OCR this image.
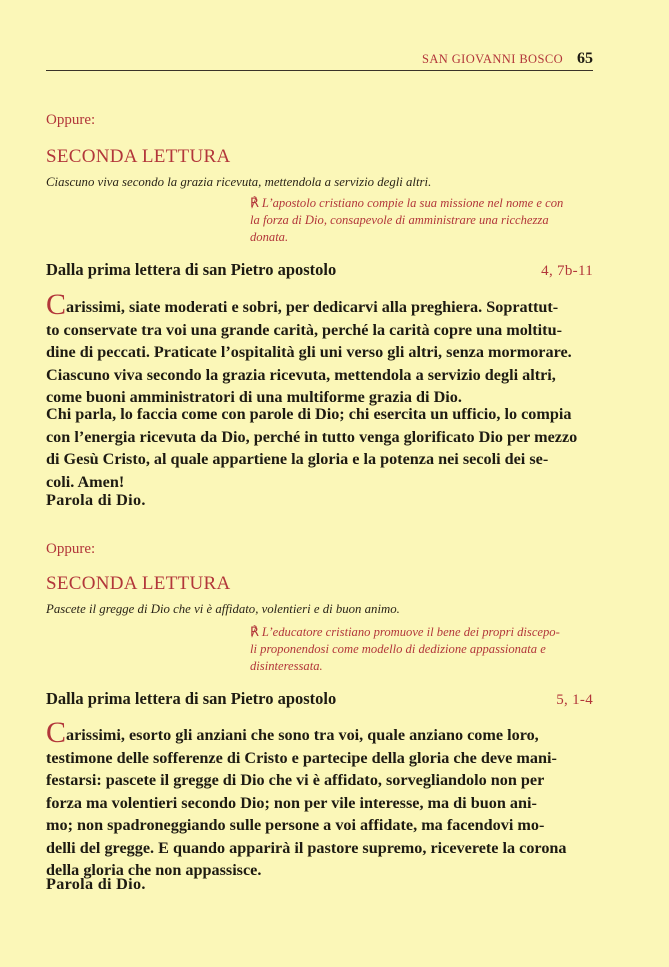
SAN GIOVANNI BOSCO 65
Oppure:
SECONDA LETTURA
Ciascuno viva secondo la grazia ricevuta, mettendola a servizio degli altri.
℟ L’apostolo cristiano compie la sua missione nel nome e con
la forza di Dio, consapevole di amministrare una ricchezza
donata.
Dalla prima lettera di san Pietro apostolo	4, 7b-11
Carissimi, siate moderati e sobri, per dedicarvi alla preghiera. Soprattut-
to conservate tra voi una grande carità, perché la carità copre una moltitu-
dine di peccati. Praticate l’ospitalità gli uni verso gli altri, senza mormorare.
Ciascuno viva secondo la grazia ricevuta, mettendola a servizio degli altri,
come buoni amministratori di una multiforme grazia di Dio.
Chi parla, lo faccia come con parole di Dio; chi esercita un ufficio, lo compia
con l’energia ricevuta da Dio, perché in tutto venga glorificato Dio per mezzo
di Gesù Cristo, al quale appartiene la gloria e la potenza nei secoli dei se-
coli. Amen!
Parola di Dio.
Oppure:
SECONDA LETTURA
Pascete il gregge di Dio che vi è affidato, volentieri e di buon animo.
℟ L’educatore cristiano promuove il bene dei propri discepo-
li proponendosi come modello di dedizione appassionata e
disinteressata.
Dalla prima lettera di san Pietro apostolo	5, 1-4
Carissimi, esorto gli anziani che sono tra voi, quale anziano come loro,
testimone delle sofferenze di Cristo e partecipe della gloria che deve mani-
festarsi: pascete il gregge di Dio che vi è affidato, sorvegliandolo non per
forza ma volentieri secondo Dio; non per vile interesse, ma di buon ani-
mo; non spadroneggiando sulle persone a voi affidate, ma facendovi mo-
delli del gregge. E quando apparirà il pastore supremo, riceverete la corona
della gloria che non appassisce.
Parola di Dio.
